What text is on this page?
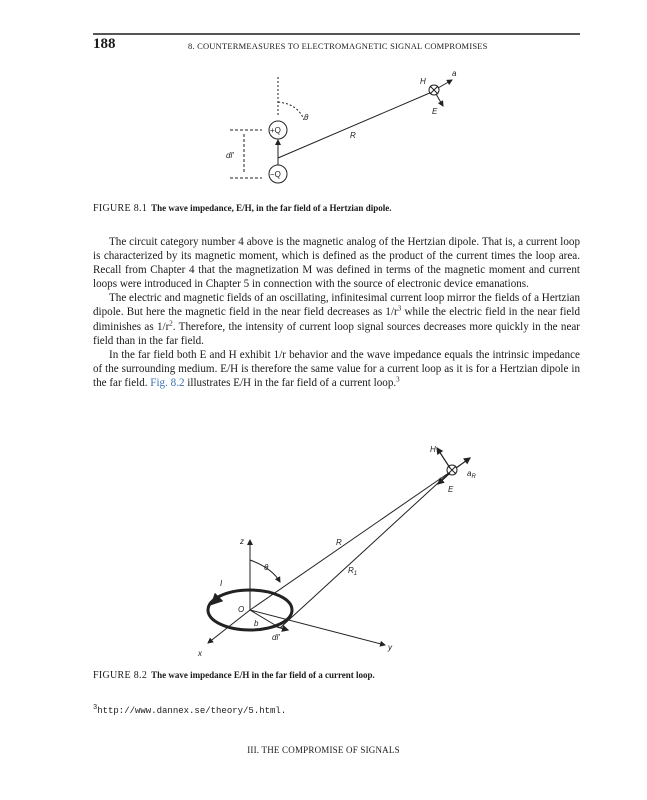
188	8. COUNTERMEASURES TO ELECTROMAGNETIC SIGNAL COMPROMISES
a
H
E
θ
+Q
R
dl'
−Q
FIGURE 8.1 The wave impedance, E/H, in the far field of a Hertzian dipole.

The circuit category number 4 above is the magnetic analog of the Hertzian dipole. That is, a current loop is characterized by its magnetic moment, which is defined as the product of the current times the loop area. Recall from Chapter 4 that the magnetization M was defined in terms of the magnetic moment and current loops were introduced in Chapter 5 in connection with the source of electronic device emanations.

The electric and magnetic fields of an oscillating, infinitesimal current loop mirror the fields of a Hertzian dipole. But here the magnetic field in the near field decreases as $1/r^3$ while the electric field in the near field diminishes as $1/r^2$. Therefore, the intensity of current loop signal sources decreases more quickly in the near field than in the far field.

In the far field both E and H exhibit 1/r behavior and the wave impedance equals the intrinsic impedance of the surrounding medium. E/H is therefore the same value for a current loop as it is for a Hertzian dipole in the far field. Fig. 8.2 illustrates E/H in the far field of a current loop.$^3$

H
$a_R$
E
z	R
θ	$R_1$
I
O
b
dl'
y
x
FIGURE 8.2 The wave impedance E/H in the far field of a current loop.
$^3$http://www.dannex.se/theory/5.html.
III. THE COMPROMISE OF SIGNALS
